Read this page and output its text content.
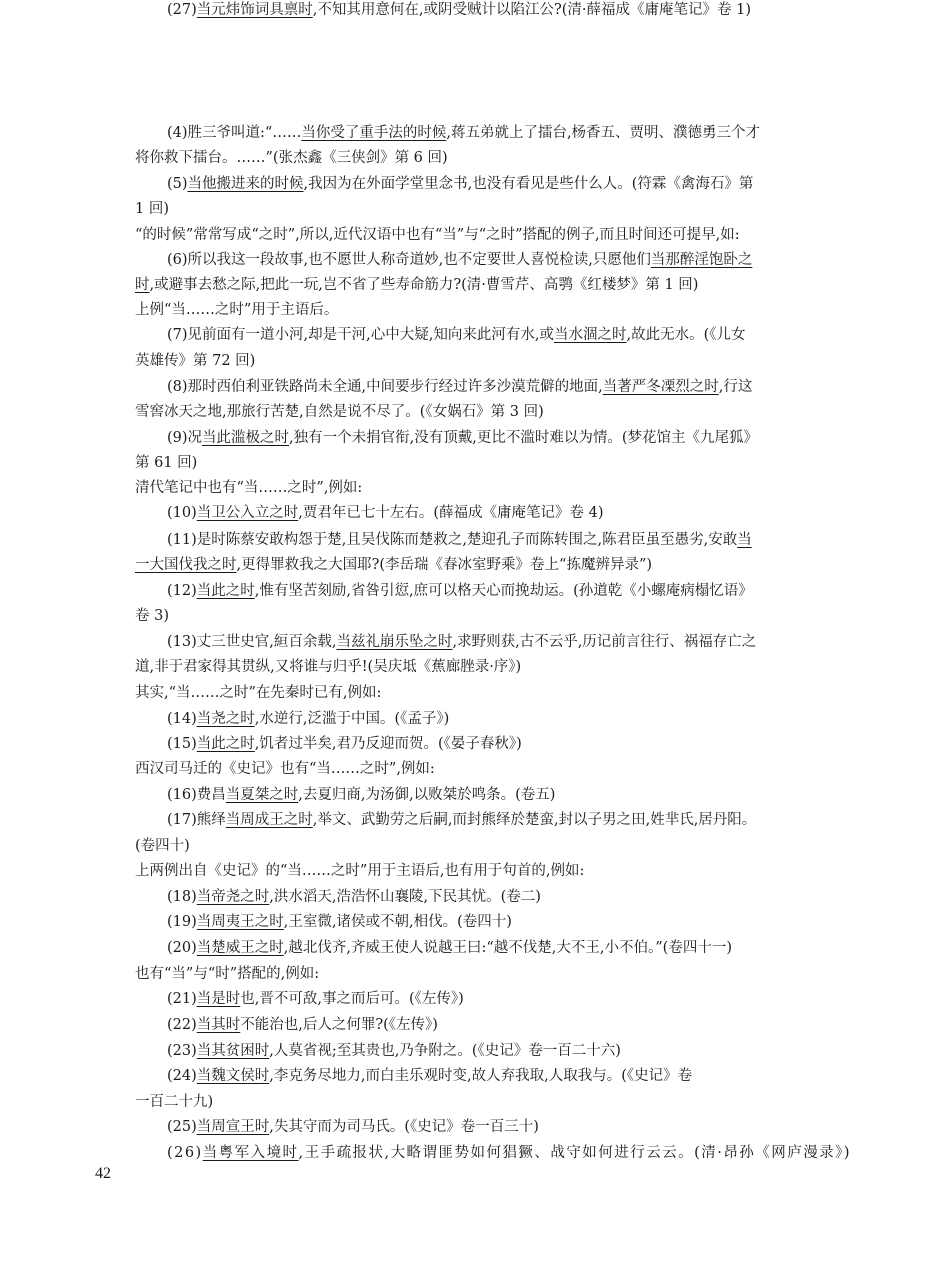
(4)胜三爷叫道:“……当你受了重手法的时候,蒋五弟就上了擂台,杨香五、贾明、濮德勇三个才
将你救下擂台。……”(张杰鑫《三侠剑》第 6 回)
(5)当他搬进来的时候,我因为在外面学堂里念书,也没有看见是些什么人。(符霖《禽海石》第
1 回)
“的时候”常常写成“之时”,所以,近代汉语中也有“当”与“之时”搭配的例子,而且时间还可提早,如:
(6)所以我这一段故事,也不愿世人称奇道妙,也不定要世人喜悦检读,只愿他们当那醉淫饱卧之
时,或避事去愁之际,把此一玩,岂不省了些寿命筋力?(清·曹雪芹、高鹗《红楼梦》第 1 回)
上例“当……之时”用于主语后。
(7)见前面有一道小河,却是干河,心中大疑,知向来此河有水,或当水涸之时,故此无水。(《儿女
英雄传》第 72 回)
(8)那时西伯利亚铁路尚未全通,中间要步行经过许多沙漠荒僻的地面,当著严冬凓烈之时,行这
雪窖冰天之地,那旅行苦楚,自然是说不尽了。(《女娲石》第 3 回)
(9)况当此滥极之时,独有一个未捐官衔,没有顶戴,更比不滥时难以为情。(梦花馆主《九尾狐》
第 61 回)
清代笔记中也有“当……之时”,例如:
(10)当卫公入立之时,贾君年已七十左右。(薛福成《庸庵笔记》卷 4)
(11)是时陈蔡安敢构怨于楚,且吴伐陈而楚救之,楚迎孔子而陈转围之,陈君臣虽至愚劣,安敢当
一大国伐我之时,更得罪救我之大国耶?(李岳瑞《春冰室野乘》卷上“拣魔辨异录”)
(12)当此之时,惟有坚苦刻励,省咎引愆,庶可以格天心而挽劫运。(孙道乾《小螺庵病榻忆语》
卷 3)
(13)丈三世史官,絙百余载,当兹礼崩乐坠之时,求野则获,古不云乎,历记前言往行、祸福存亡之
道,非于君家得其贯纵,又将谁与归乎!(吴庆坻《蕉廊脞录·序》)
其实,“当……之时”在先秦时已有,例如:
(14)当尧之时,水逆行,泛滥于中国。(《孟子》)
(15)当此之时,饥者过半矣,君乃反迎而贺。(《晏子春秋》)
西汉司马迁的《史记》也有“当……之时”,例如:
(16)费昌当夏桀之时,去夏归商,为汤御,以败桀於鸣条。(卷五)
(17)熊绎当周成王之时,举文、武勤劳之后嗣,而封熊绎於楚蛮,封以子男之田,姓芈氏,居丹阳。
(卷四十)
上两例出自《史记》的“当……之时”用于主语后,也有用于句首的,例如:
(18)当帝尧之时,洪水滔天,浩浩怀山襄陵,下民其忧。(卷二)
(19)当周夷王之时,王室微,诸侯或不朝,相伐。(卷四十)
(20)当楚威王之时,越北伐齐,齐威王使人说越王曰:“越不伐楚,大不王,小不伯。”(卷四十一)
也有“当”与“时”搭配的,例如:
(21)当是时也,晋不可敌,事之而后可。(《左传》)
(22)当其时不能治也,后人之何罪?(《左传》)
(23)当其贫困时,人莫省视;至其贵也,乃争附之。(《史记》卷一百二十六)
(24)当魏文侯时,李克务尽地力,而白圭乐观时变,故人弃我取,人取我与。(《史记》卷
一百二十九)
(25)当周宣王时,失其守而为司马氏。(《史记》卷一百三十)
(26)当粤军入境时,王手疏报状,大略谓匪势如何猖獗、战守如何进行云云。(清·昂孙《网庐漫录》)
(27)当元炜饰词具禀时,不知其用意何在,或阴受贼计以陷江公?(清·薛福成《庸庵笔记》卷 1)
42
